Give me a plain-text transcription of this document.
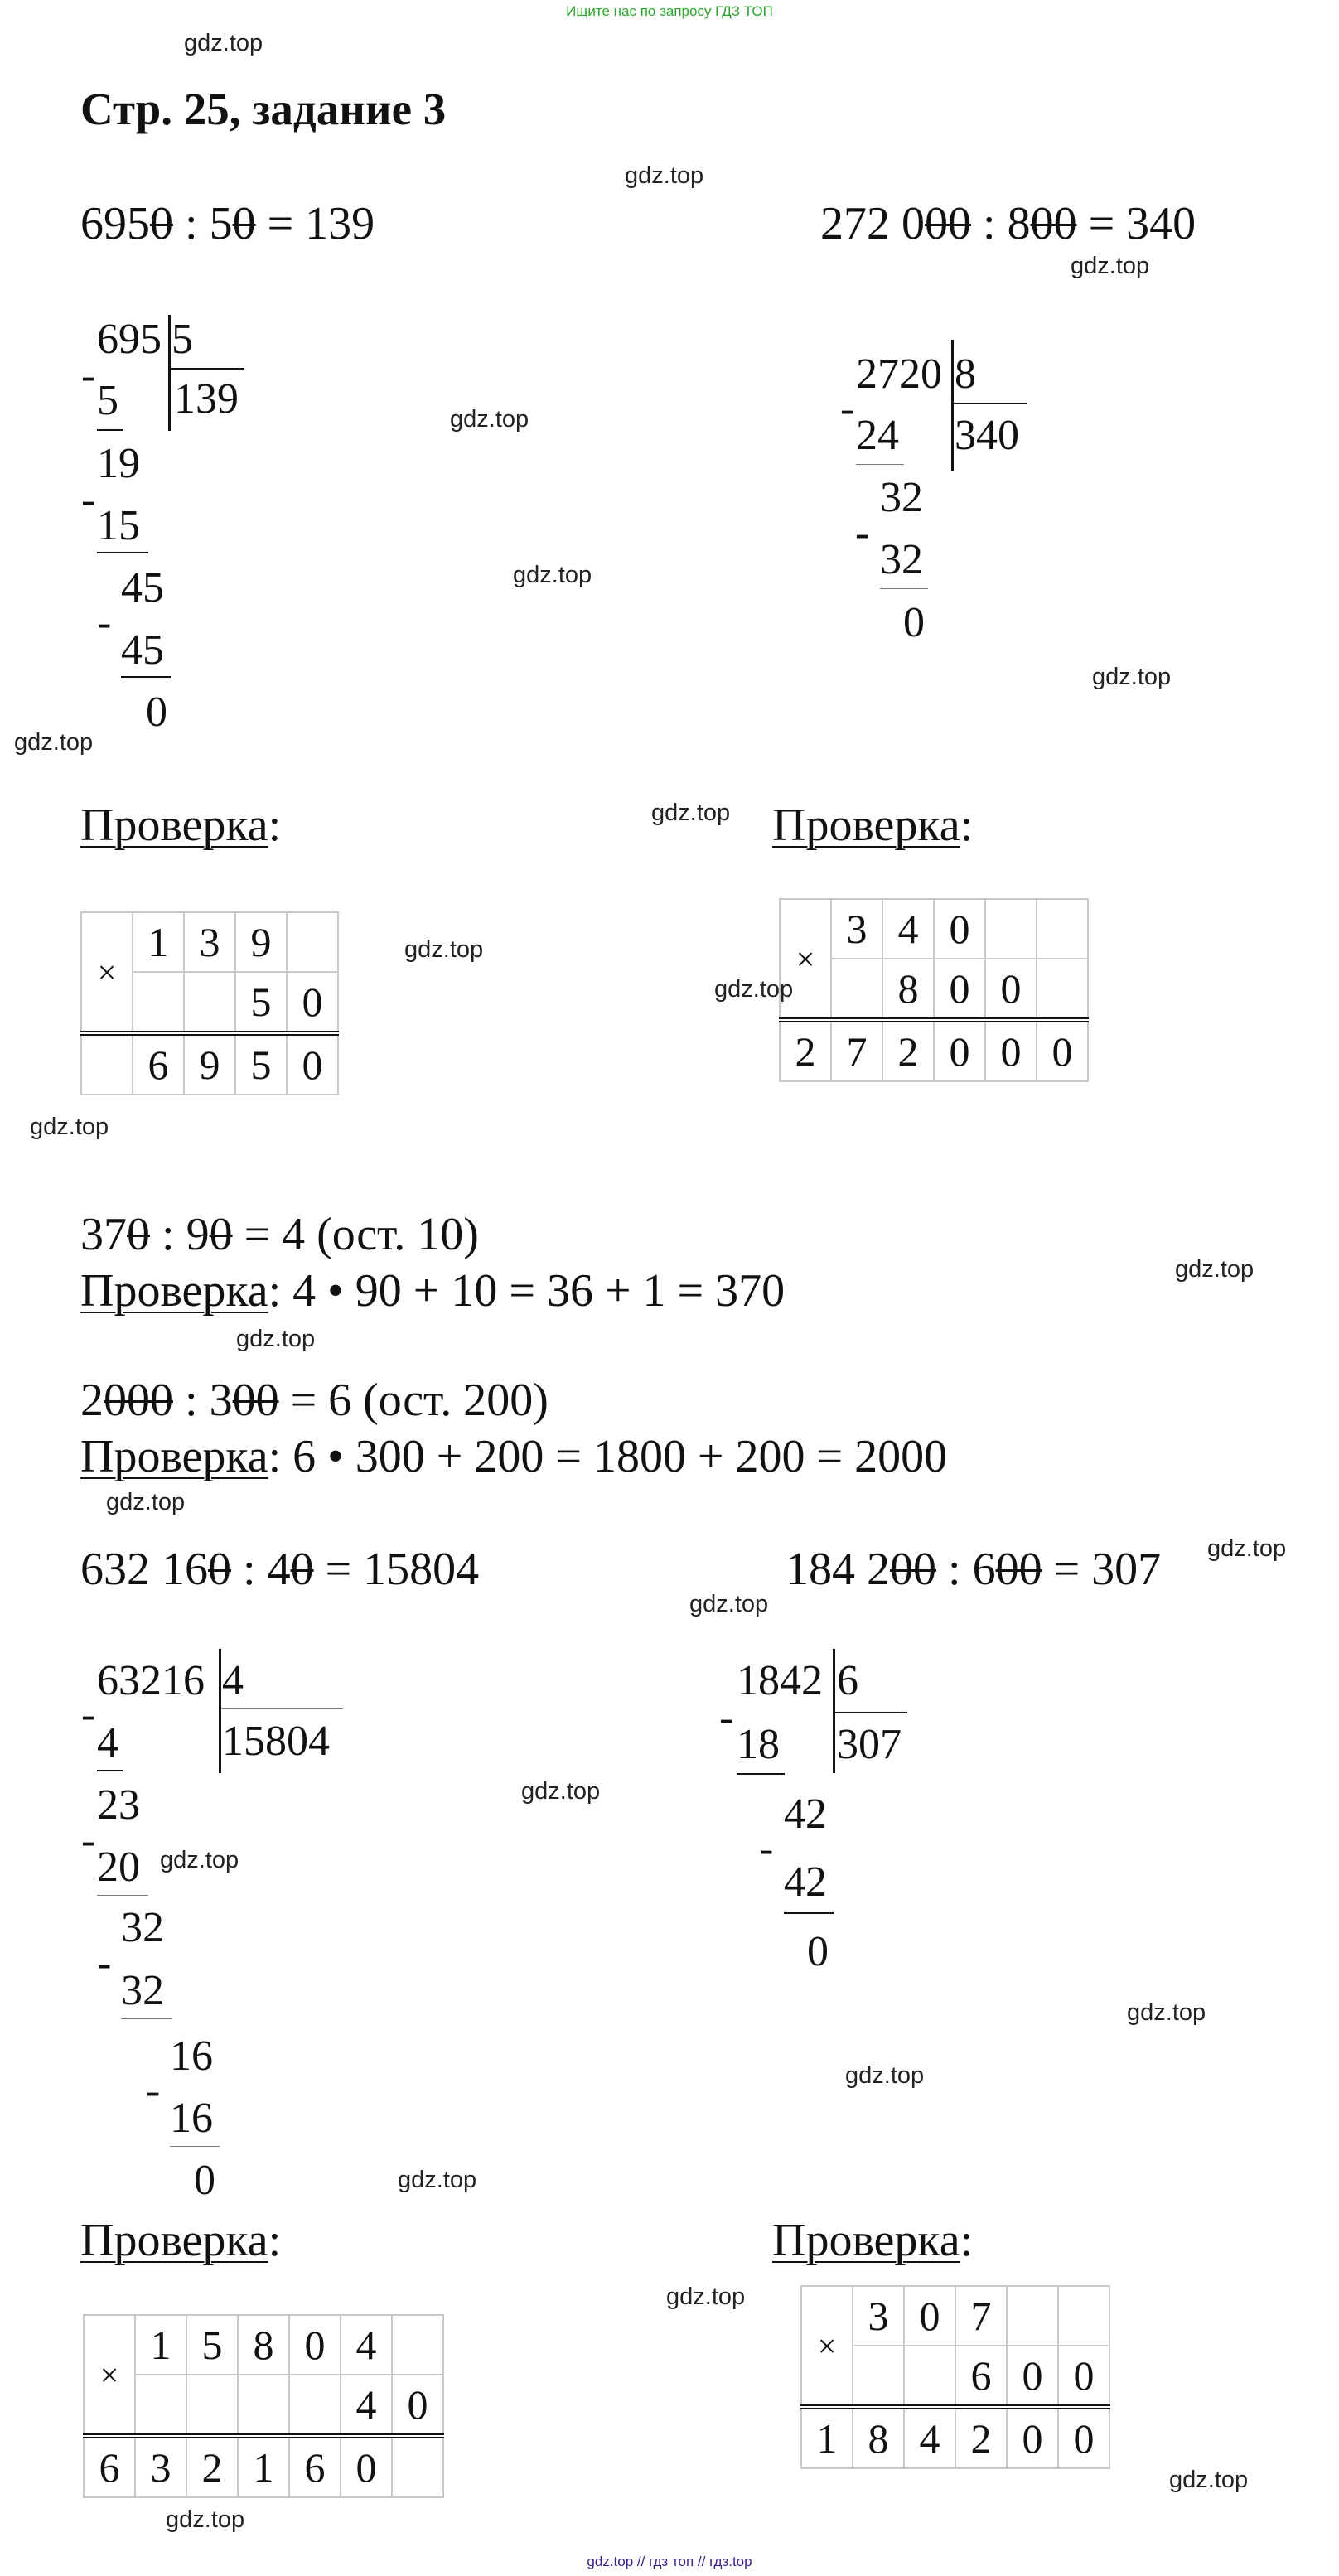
Ищите нас по запросу ГДЗ ТОП
Стр. 25, задание 3
gdz.top
gdz.top
gdz.top
gdz.top
gdz.top
gdz.top
gdz.top
gdz.top
gdz.top
gdz.top
gdz.top
gdz.top
gdz.top
gdz.top
gdz.top
gdz.top
gdz.top
gdz.top
gdz.top
gdz.top
gdz.top
gdz.top
gdz.top
gdz.top
6950 : 50 = 139
695 5
139
-
5
19
-
15
45
-
45
0
Проверка:
×	1	3	9	
			5	0
	6	9	5	0
272 000 : 800 = 340
2720 8
340
-
24
32
-
32
0
Проверка:
×	3	4	0		
		8	0	0	
2	7	2	0	0	0
370 : 90 = 4 (ост. 10)
Проверка: 4 • 90 + 10 = 36 + 1 = 370
2000 : 300 = 6 (ост. 200)
Проверка: 6 • 300 + 200 = 1800 + 200 = 2000
632 160 : 40 = 15804
63216 4
15804
-
4
23
-
20
32
-
32
16
-
16
0
Проверка:
×	1	5	8	0	4	
					4	0
6	3	2	1	6	0	
184 200 : 600 = 307
1842 6
307
-
18
42
-
42
0
Проверка:
×	3	0	7		
			6	0	0
1	8	4	2	0	0
gdz.top // гдз топ // гдз.top
